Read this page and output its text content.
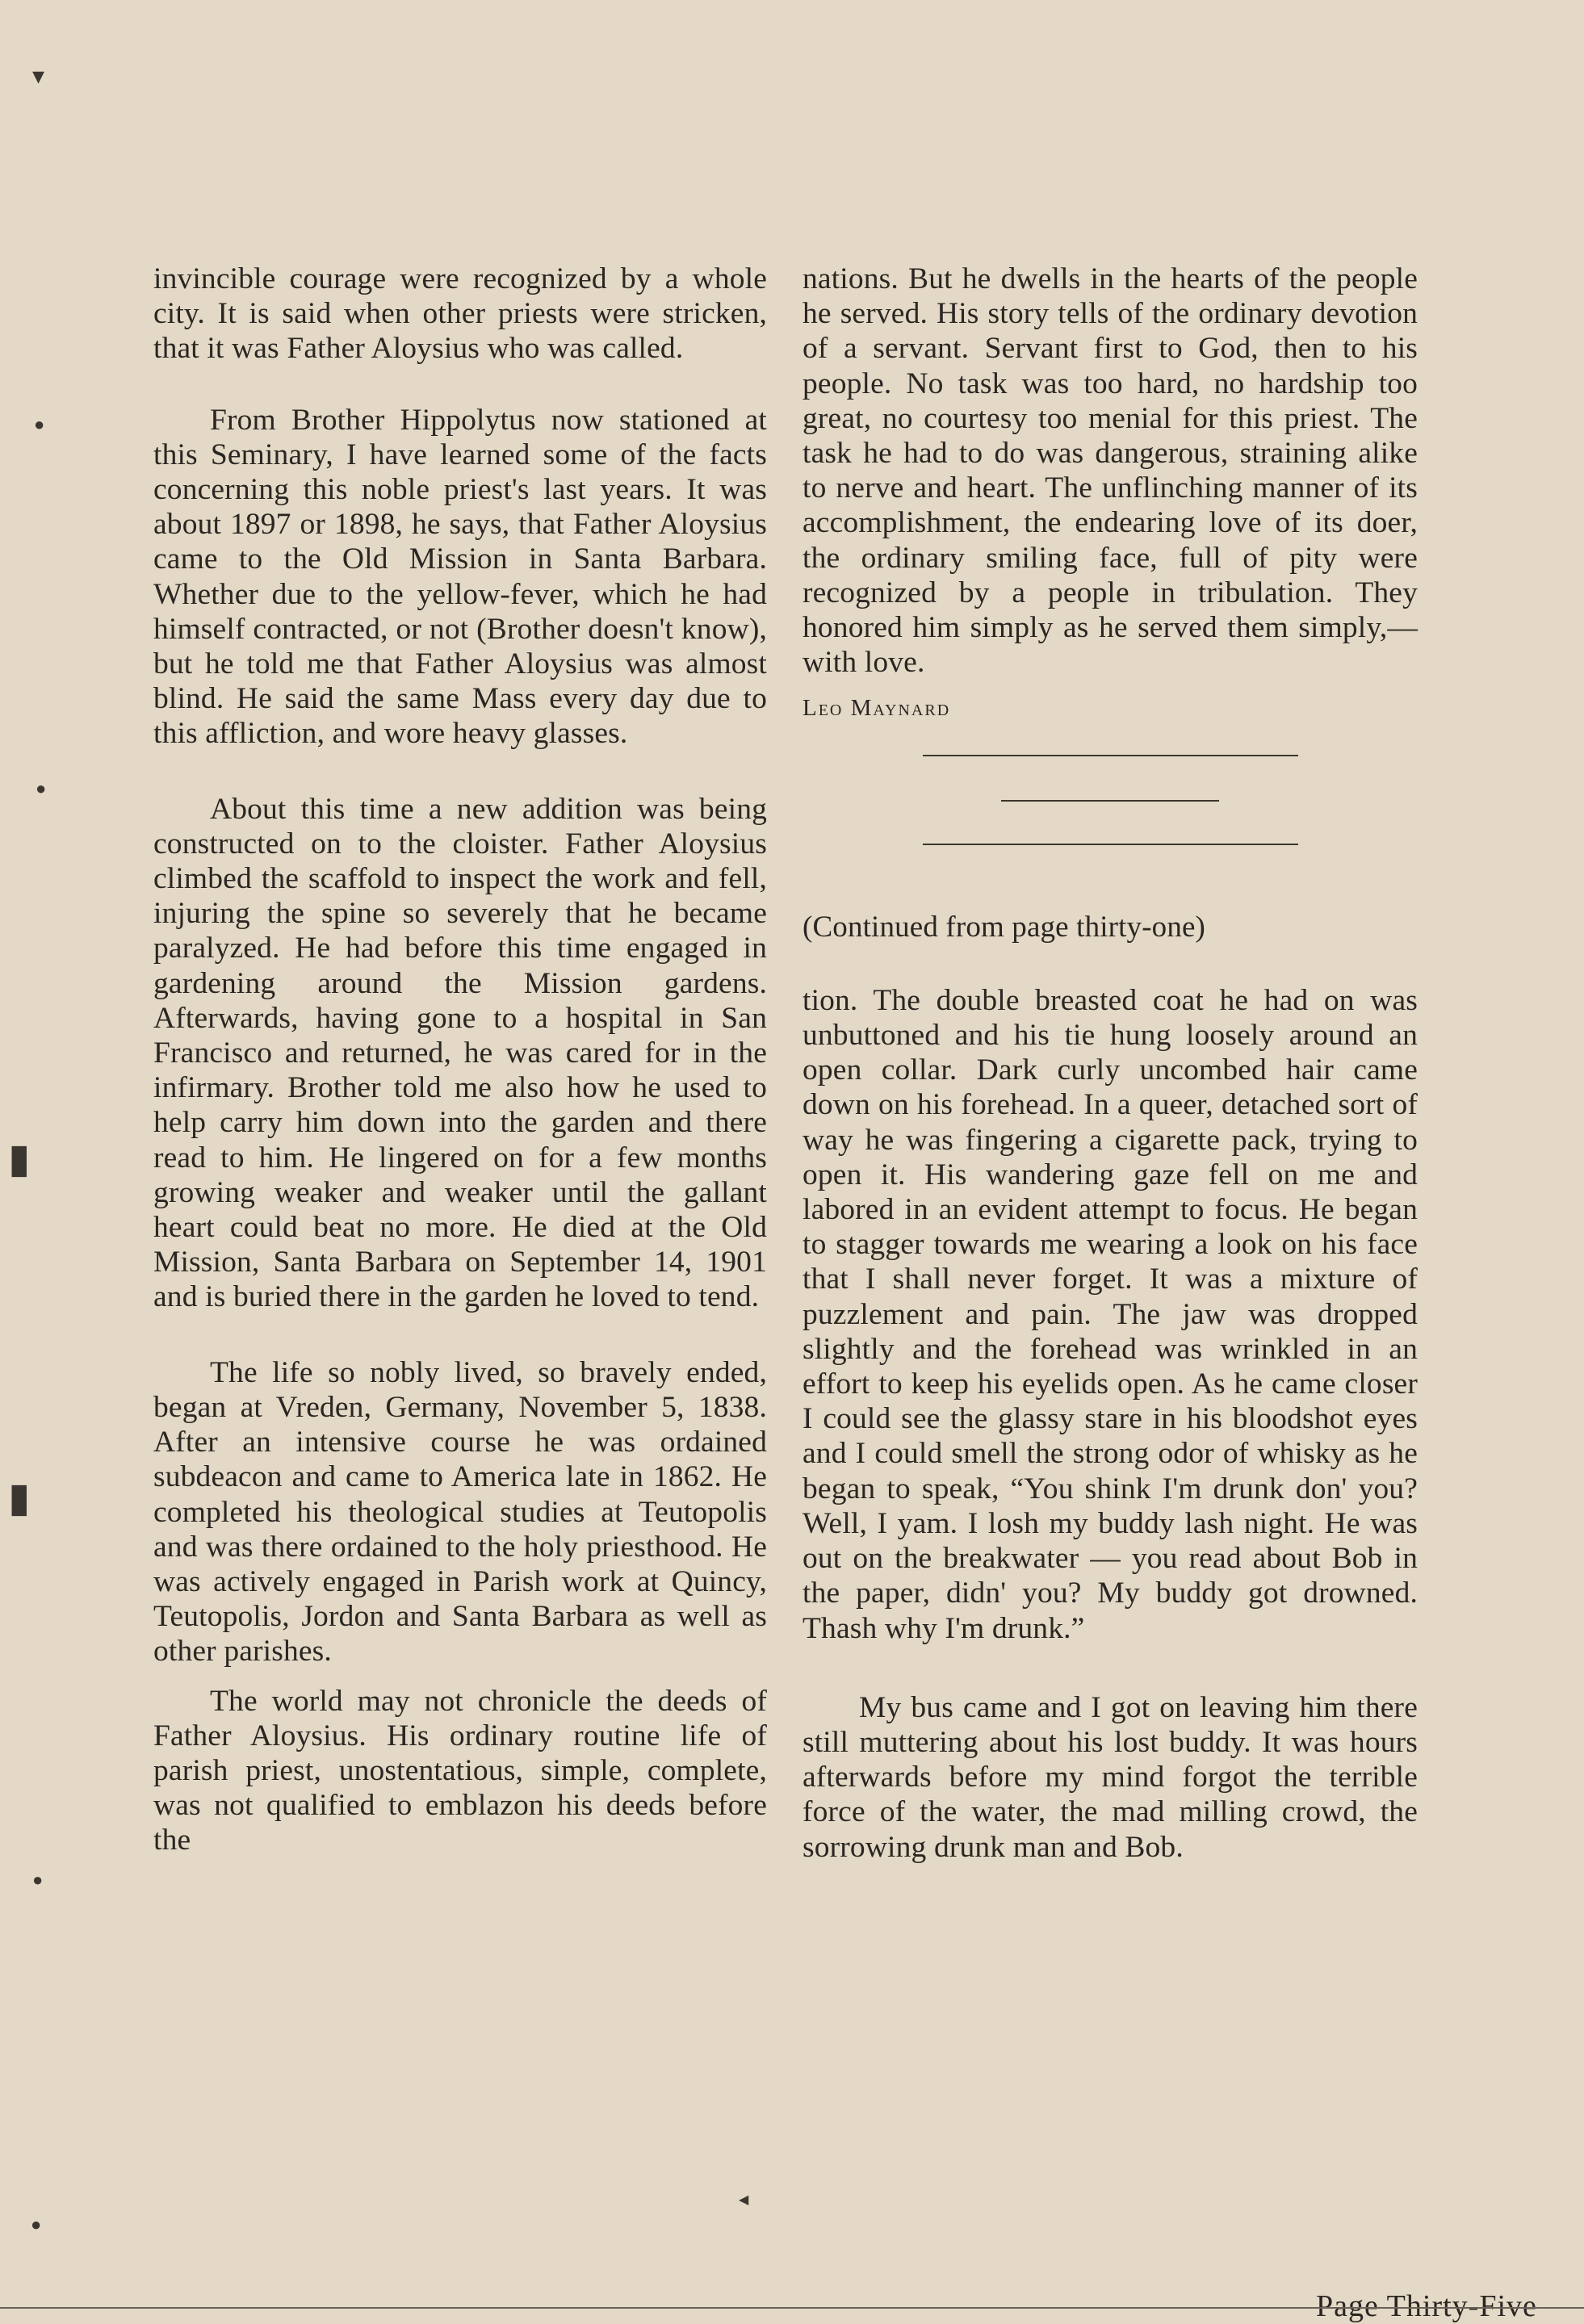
▾
●
●
▮
▮
●
●
◀

invincible courage were recognized by a whole city. It is said when other priests were stricken, that it was Father Aloysius who was called.

From Brother Hippolytus now stationed at this Seminary, I have learned some of the facts concerning this noble priest's last years. It was about 1897 or 1898, he says, that Father Aloysius came to the Old Mission in Santa Barbara. Whether due to the yellow-fever, which he had himself contracted, or not (Brother doesn't know), but he told me that Father Aloysius was almost blind. He said the same Mass every day due to this affliction, and wore heavy glasses.

About this time a new addition was being constructed on to the cloister. Father Aloysius climbed the scaffold to inspect the work and fell, injuring the spine so severely that he became paralyzed. He had before this time engaged in gardening around the Mission gardens. Afterwards, having gone to a hospital in San Francisco and returned, he was cared for in the infirmary. Brother told me also how he used to help carry him down into the garden and there read to him. He lingered on for a few months growing weaker and weaker until the gallant heart could beat no more. He died at the Old Mission, Santa Barbara on September 14, 1901 and is buried there in the garden he loved to tend.

The life so nobly lived, so bravely ended, began at Vreden, Germany, November 5, 1838. After an intensive course he was ordained subdeacon and came to America late in 1862. He completed his theological studies at Teutopolis and was there ordained to the holy priesthood. He was actively engaged in Parish work at Quincy, Teutopolis, Jordon and Santa Barbara as well as other parishes.

The world may not chronicle the deeds of Father Aloysius. His ordinary routine life of parish priest, unostentatious, simple, complete, was not qualified to emblazon his deeds before the

nations. But he dwells in the hearts of the people he served. His story tells of the ordinary devotion of a servant. Servant first to God, then to his people. No task was too hard, no hardship too great, no courtesy too menial for this priest. The task he had to do was dangerous, straining alike to nerve and heart. The unflinching manner of its accomplishment, the endearing love of its doer, the ordinary smiling face, full of pity were recognized by a people in tribulation. They honored him simply as he served them simply,—with love.

Leo Maynard
(Continued from page thirty-one)

tion. The double breasted coat he had on was unbuttoned and his tie hung loosely around an open collar. Dark curly uncombed hair came down on his forehead. In a queer, detached sort of way he was fingering a cigarette pack, trying to open it. His wandering gaze fell on me and labored in an evident attempt to focus. He began to stagger towards me wearing a look on his face that I shall never forget. It was a mixture of puzzlement and pain. The jaw was dropped slightly and the forehead was wrinkled in an effort to keep his eyelids open. As he came closer I could see the glassy stare in his bloodshot eyes and I could smell the strong odor of whisky as he began to speak, “You shink I'm drunk don' you? Well, I yam. I losh my buddy lash night. He was out on the breakwater — you read about Bob in the paper, didn' you? My buddy got drowned. Thash why I'm drunk.”

My bus came and I got on leaving him there still muttering about his lost buddy. It was hours afterwards before my mind forgot the terrible force of the water, the mad milling crowd, the sorrowing drunk man and Bob.

Page Thirty-Five
